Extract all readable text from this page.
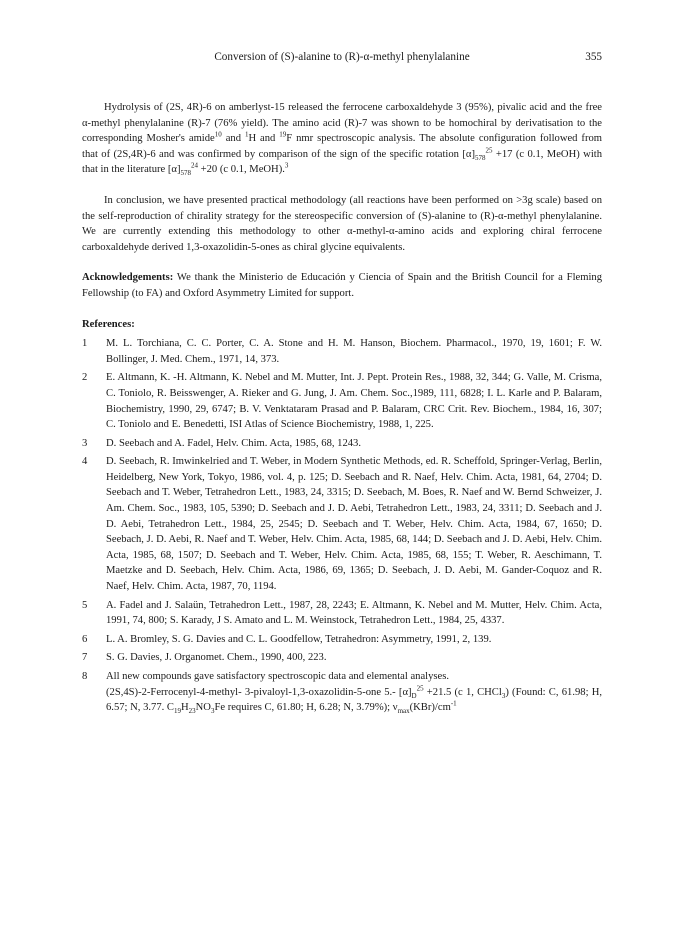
Conversion of (S)-alanine to (R)-α-methyl phenylalanine	355

Hydrolysis of (2S, 4R)-6 on amberlyst-15 released the ferrocene carboxaldehyde 3 (95%), pivalic acid and the free α-methyl phenylalanine (R)-7 (76% yield). The amino acid (R)-7 was shown to be homochiral by derivatisation to the corresponding Mosher's amide$^{10}$ and $^1$H and $^{19}$F nmr spectroscopic analysis. The absolute configuration followed from that of (2S,4R)-6 and was confirmed by comparison of the sign of the specific rotation $[\alpha]_{578}^{25} +17$ (c 0.1, MeOH) with that in the literature $[\alpha]_{578}^{24} +20$ (c 0.1, MeOH).$^3$

In conclusion, we have presented practical methodology (all reactions have been performed on >3g scale) based on the self-reproduction of chirality strategy for the stereospecific conversion of (S)-alanine to (R)-α-methyl phenylalanine. We are currently extending this methodology to other α-methyl-α-amino acids and exploring chiral ferrocene carboxaldehyde derived 1,3-oxazolidin-5-ones as chiral glycine equivalents.

Acknowledgements: We thank the Ministerio de Educación y Ciencia of Spain and the British Council for a Fleming Fellowship (to FA) and Oxford Asymmetry Limited for support.

References:
1	M. L. Torchiana, C. C. Porter, C. A. Stone and H. M. Hanson, Biochem. Pharmacol., 1970, 19, 1601; F. W. Bollinger, J. Med. Chem., 1971, 14, 373.
2	E. Altmann, K. -H. Altmann, K. Nebel and M. Mutter, Int. J. Pept. Protein Res., 1988, 32, 344; G. Valle, M. Crisma, C. Toniolo, R. Beisswenger, A. Rieker and G. Jung, J. Am. Chem. Soc.,1989, 111, 6828; I. L. Karle and P. Balaram, Biochemistry, 1990, 29, 6747; B. V. Venktataram Prasad and P. Balaram, CRC Crit. Rev. Biochem., 1984, 16, 307; C. Toniolo and E. Benedetti, ISI Atlas of Science Biochemistry, 1988, 1, 225.
3	D. Seebach and A. Fadel, Helv. Chim. Acta, 1985, 68, 1243.
4	D. Seebach, R. Imwinkelried and T. Weber, in Modern Synthetic Methods, ed. R. Scheffold, Springer-Verlag, Berlin, Heidelberg, New York, Tokyo, 1986, vol. 4, p. 125; D. Seebach and R. Naef, Helv. Chim. Acta, 1981, 64, 2704; D. Seebach and T. Weber, Tetrahedron Lett., 1983, 24, 3315; D. Seebach, M. Boes, R. Naef and W. Bernd Schweizer, J. Am. Chem. Soc., 1983, 105, 5390; D. Seebach and J. D. Aebi, Tetrahedron Lett., 1983, 24, 3311; D. Seebach and J. D. Aebi, Tetrahedron Lett., 1984, 25, 2545; D. Seebach and T. Weber, Helv. Chim. Acta, 1984, 67, 1650; D. Seebach, J. D. Aebi, R. Naef and T. Weber, Helv. Chim. Acta, 1985, 68, 144; D. Seebach and J. D. Aebi, Helv. Chim. Acta, 1985, 68, 1507; D. Seebach and T. Weber, Helv. Chim. Acta, 1985, 68, 155; T. Weber, R. Aeschimann, T. Maetzke and D. Seebach, Helv. Chim. Acta, 1986, 69, 1365; D. Seebach, J. D. Aebi, M. Gander-Coquoz and R. Naef, Helv. Chim. Acta, 1987, 70, 1194.
5	A. Fadel and J. Salaün, Tetrahedron Lett., 1987, 28, 2243; E. Altmann, K. Nebel and M. Mutter, Helv. Chim. Acta, 1991, 74, 800; S. Karady, J S. Amato and L. M. Weinstock, Tetrahedron Lett., 1984, 25, 4337.
6	L. A. Bromley, S. G. Davies and C. L. Goodfellow, Tetrahedron: Asymmetry, 1991, 2, 139.
7	S. G. Davies, J. Organomet. Chem., 1990, 400, 223.
8	All new compounds gave satisfactory spectroscopic data and elemental analyses.
(2S,4S)-2-Ferrocenyl-4-methyl- 3-pivaloyl-1,3-oxazolidin-5-one 5.- $[\alpha]_D^{25} +21.5$ (c 1, CHCl$_3$) (Found: C, 61.98; H, 6.57; N, 3.77. $C_{19}H_{23}NO_3Fe$ requires C, 61.80; H, 6.28; N, 3.79%); $\nu_{max}(KBr)/cm^{-1}$
